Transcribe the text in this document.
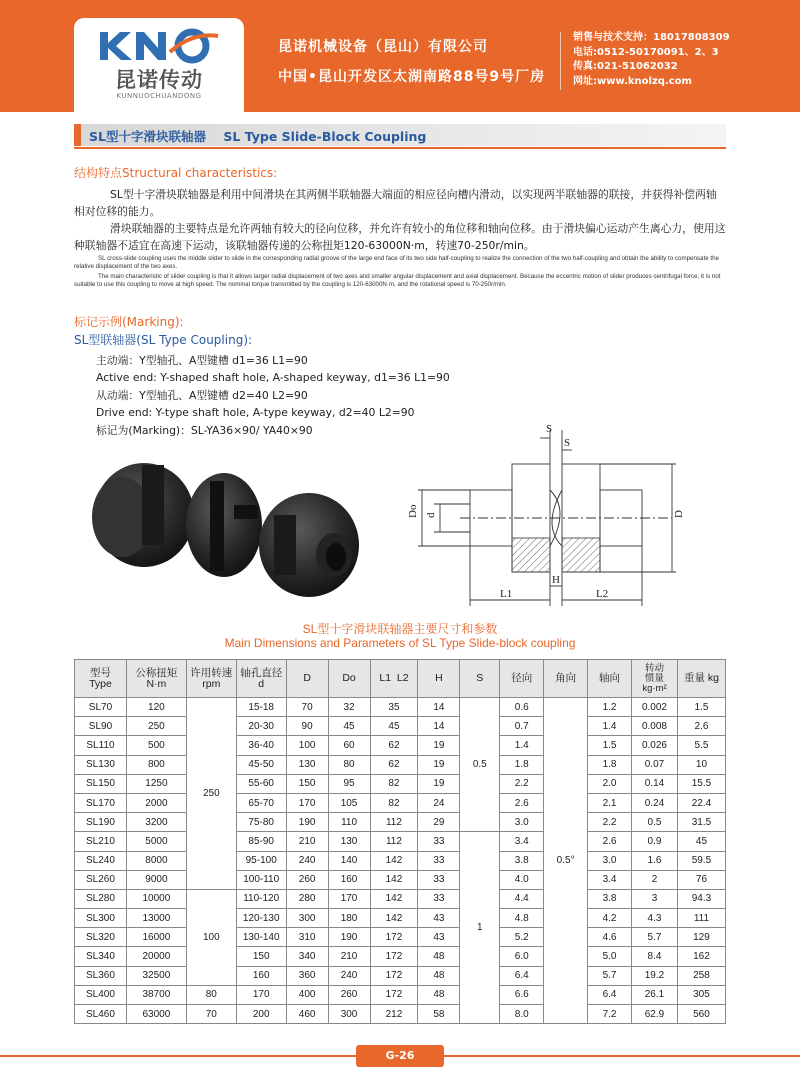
昆诺传动
KUNNUOCHUANDONG
昆诺机械设备（昆山）有限公司
中国•昆山开发区太湖南路88号9号厂房
销售与技术支持：18017808309
电话:0512-50170091、2、3
传真:021-51062032
网址:www.knolzq.com
SL型十字滑块联轴器    SL Type Slide-Block Coupling
结构特点Structural characteristics:
SL型十字滑块联轴器是利用中间滑块在其两侧半联轴器大端面的相应径向槽内滑动，以实现两半联轴器的联接，并获得补偿两轴相对位移的能力。
滑块联轴器的主要特点是允许两轴有较大的径向位移，并允许有较小的角位移和轴向位移。由于滑块偏心运动产生离心力，使用这种联轴器不适宜在高速下运动，该联轴器传递的公称扭矩120-63000N·m，转速70-250r/min。
SL cross-slide coupling uses the middle slider to slide in the corresponding radial groove of the large end face of its two side half-coupling to realize the connection of the two half-coupling and obtain the ability to compensate the relative displacement of the two axes.
The main characteristic of slider coupling is that it allows larger radial displacement of two axes and smaller angular displacement and axial displacement. Because the eccentric motion of slider produces centrifugal force, it is not suitable to use this coupling to move at high speed. The nominal torque transmitted by the coupling is 120-63000N·m, and the rotational speed is 70-250r/min.
标记示例(Marking):
SL型联轴器(SL Type Coupling):
主动端：Y型轴孔、A型键槽 d1=36 L1=90
Active end: Y-shaped shaft hole, A-shaped keyway, d1=36 L1=90
从动端：Y型轴孔、A型键槽 d2=40 L2=90
Drive end: Y-type shaft hole, A-type keyway, d2=40 L2=90
标记为(Marking)：SL-YA36×90/ YA40×90	S
S
Do d	D
L1	L2
H
SL型十字滑块联轴器主要尺寸和参数
Main Dimensions and Parameters of SL Type Slide-block coupling
型号
Type	公称扭矩
N·m	许用转速
rpm	轴孔直径
d	D	Do	L1  L2	H	S	径向	角向	轴向	转动
惯量
kg·m²	重量 kg
SL70	120	250	15-18	70	32	35	14	0.5	0.6	0.5°	1.2	0.002	1.5
SL90	250		20-30	90	45	45	14		0.7		1.4	0.008	2.6
SL110	500		36-40	100	60	62	19		1.4		1.5	0.026	5.5
SL130	800		45-50	130	80	62	19		1.8		1.8	0.07	10
SL150	1250		55-60	150	95	82	19		2.2		2.0	0.14	15.5
SL170	2000		65-70	170	105	82	24		2.6		2.1	0.24	22.4
SL190	3200		75-80	190	110	112	29		3.0		2.2	0.5	31.5
SL210	5000		85-90	210	130	112	33	1	3.4		2.6	0.9	45
SL240	8000		95-100	240	140	142	33		3.8		3.0	1.6	59.5
SL260	9000		100-110	260	160	142	33		4.0		3.4	2	76
SL280	10000	100	110-120	280	170	142	33		4.4		3.8	3	94.3
SL300	13000		120-130	300	180	142	43		4.8		4.2	4.3	111
SL320	16000		130-140	310	190	172	43		5.2		4.6	5.7	129
SL340	20000		150	340	210	172	48		6.0		5.0	8.4	162
SL360	32500		160	360	240	172	48		6.4		5.7	19.2	258
SL400	38700	80	170	400	260	172	48		6.6		6.4	26.1	305
SL460	63000	70	200	460	300	212	58		8.0		7.2	62.9	560
G-26
